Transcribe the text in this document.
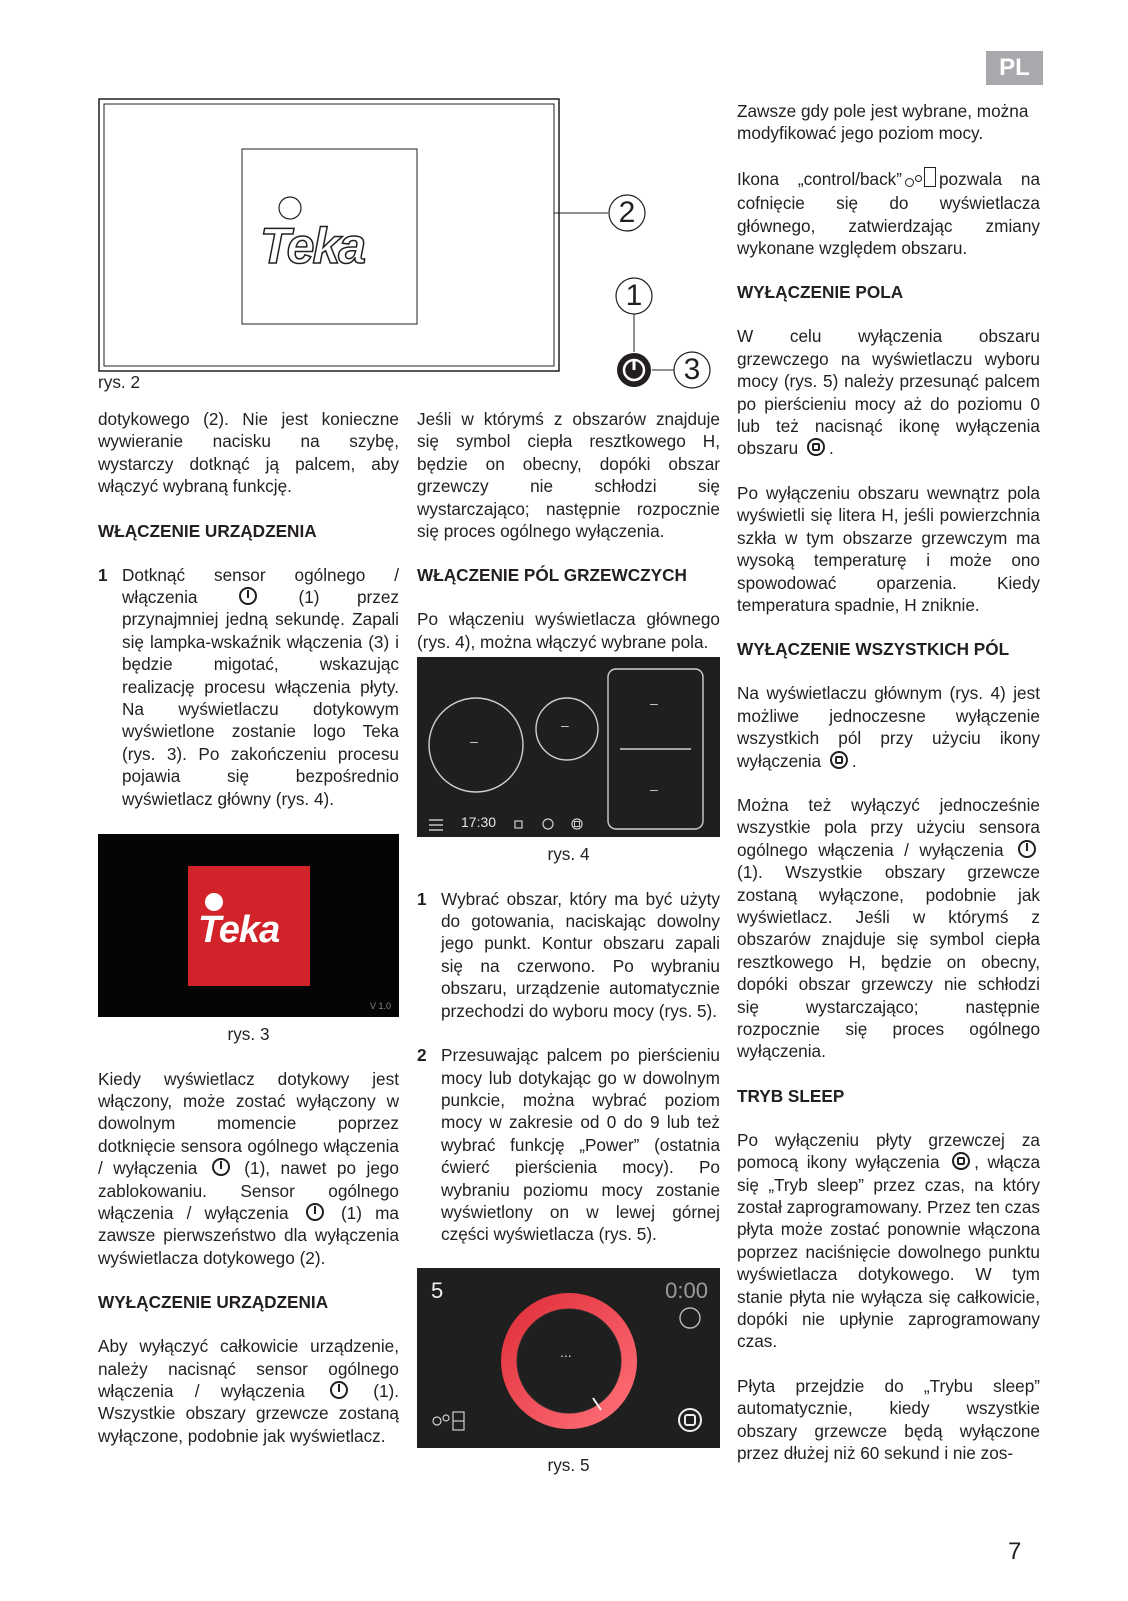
PL
Teka
2
1
3
rys. 2

dotykowego (2). Nie jest konieczne wywieranie nacisku na szybę, wystarczy dotknąć ją palcem, aby włączyć wybraną funkcję.

WŁĄCZENIE URZĄDZENIA

1 Dotknąć sensor ogólnego / włączenia	(1) przez przynajmniej jedną sekundę. Zapali się lampka-wskaźnik włączenia (3) i będzie migotać, wskazując realizację procesu włączenia płyty. Na wyświetlaczu dotykowym wyświetlone zostanie logo Teka (rys. 3). Po zakończeniu procesu pojawia się bezpośrednio wyświetlacz główny (rys. 4).

Teka
V 1.0

rys. 3

Kiedy wyświetlacz dotykowy jest włączony, może zostać wyłączony w dowolnym momencie poprzez dotknięcie sensora ogólnego włączenia / wyłączenia	(1), nawet po jego zablokowaniu. Sensor ogólnego włączenia / wyłączenia	(1) ma zawsze pierwszeństwo dla wyłączenia wyświetlacza dotykowego (2).

WYŁĄCZENIE URZĄDZENIA

Aby wyłączyć całkowicie urządzenie, należy nacisnąć sensor ogólnego włączenia / wyłączenia	(1). Wszystkie obszary grzewcze zostaną wyłączone, podobnie jak wyświetlacz.

Jeśli w którymś z obszarów znajduje się symbol ciepła resztkowego H, będzie on obecny, dopóki obszar grzewczy nie schłodzi się wystarczająco; następnie rozpocznie się proces ogólnego wyłączenia.

WŁĄCZENIE PÓL GRZEWCZYCH

Po włączeniu wyświetlacza głównego (rys. 4), można włączyć wybrane pola.

–
–
–
–
17:30

rys. 4

1 Wybrać obszar, który ma być użyty do gotowania, naciskając dowolny jego punkt. Kontur obszaru zapali się na czerwono. Po wybraniu obszaru, urządzenie automatycznie przechodzi do wyboru mocy (rys. 5).

2 Przesuwając palcem po pierścieniu mocy lub dotykając go w dowolnym punkcie, można wybrać poziom mocy w zakresie od 0 do 9 lub też wybrać funkcję „Power” (ostatnia ćwierć pierścienia mocy). Po wybraniu poziomu mocy zostanie wyświetlony on w lewej górnej części wyświetlacza (rys. 5).

5	0:00
...

rys. 5

Zawsze gdy pole jest wybrane, można modyfikować jego poziom mocy.

Ikona „control/back” pozwala na cofnięcie się do wyświetlacza głównego, zatwierdzając zmiany wykonane względem obszaru.

WYŁĄCZENIE POLA

W celu wyłączenia obszaru grzewczego na wyświetlaczu wyboru mocy (rys. 5) należy przesunąć palcem po pierścieniu mocy aż do poziomu 0 lub też nacisnąć ikonę wyłączenia obszaru .

Po wyłączeniu obszaru wewnątrz pola wyświetli się litera H, jeśli powierzchnia szkła w tym obszarze grzewczym ma wysoką temperaturę i może ono spowodować oparzenia. Kiedy temperatura spadnie, H zniknie.

WYŁĄCZENIE WSZYSTKICH PÓL

Na wyświetlaczu głównym (rys. 4) jest możliwe jednoczesne wyłączenie wszystkich pól przy użyciu ikony wyłączenia .

Można też wyłączyć jednocześnie wszystkie pola przy użyciu sensora ogólnego włączenia / wyłączenia  (1). Wszystkie obszary grzewcze zostaną wyłączone, podobnie jak wyświetlacz. Jeśli w którymś z obszarów znajduje się symbol ciepła resztkowego H, będzie on obecny, dopóki obszar grzewczy nie schłodzi się wystarczająco; następnie rozpocznie się proces ogólnego wyłączenia.

TRYB SLEEP

Po wyłączeniu płyty grzewczej za pomocą ikony wyłączenia , włącza się „Tryb sleep” przez czas, na który został zaprogramowany. Przez ten czas płyta może zostać ponownie włączona poprzez naciśnięcie dowolnego punktu wyświetlacza dotykowego. W tym stanie płyta nie wyłącza się całkowicie, dopóki nie upłynie zaprogramowany czas.

Płyta przejdzie do „Trybu sleep” automatycznie, kiedy wszystkie obszary grzewcze będą wyłączone przez dłużej niż 60 sekund i nie zos-

7
